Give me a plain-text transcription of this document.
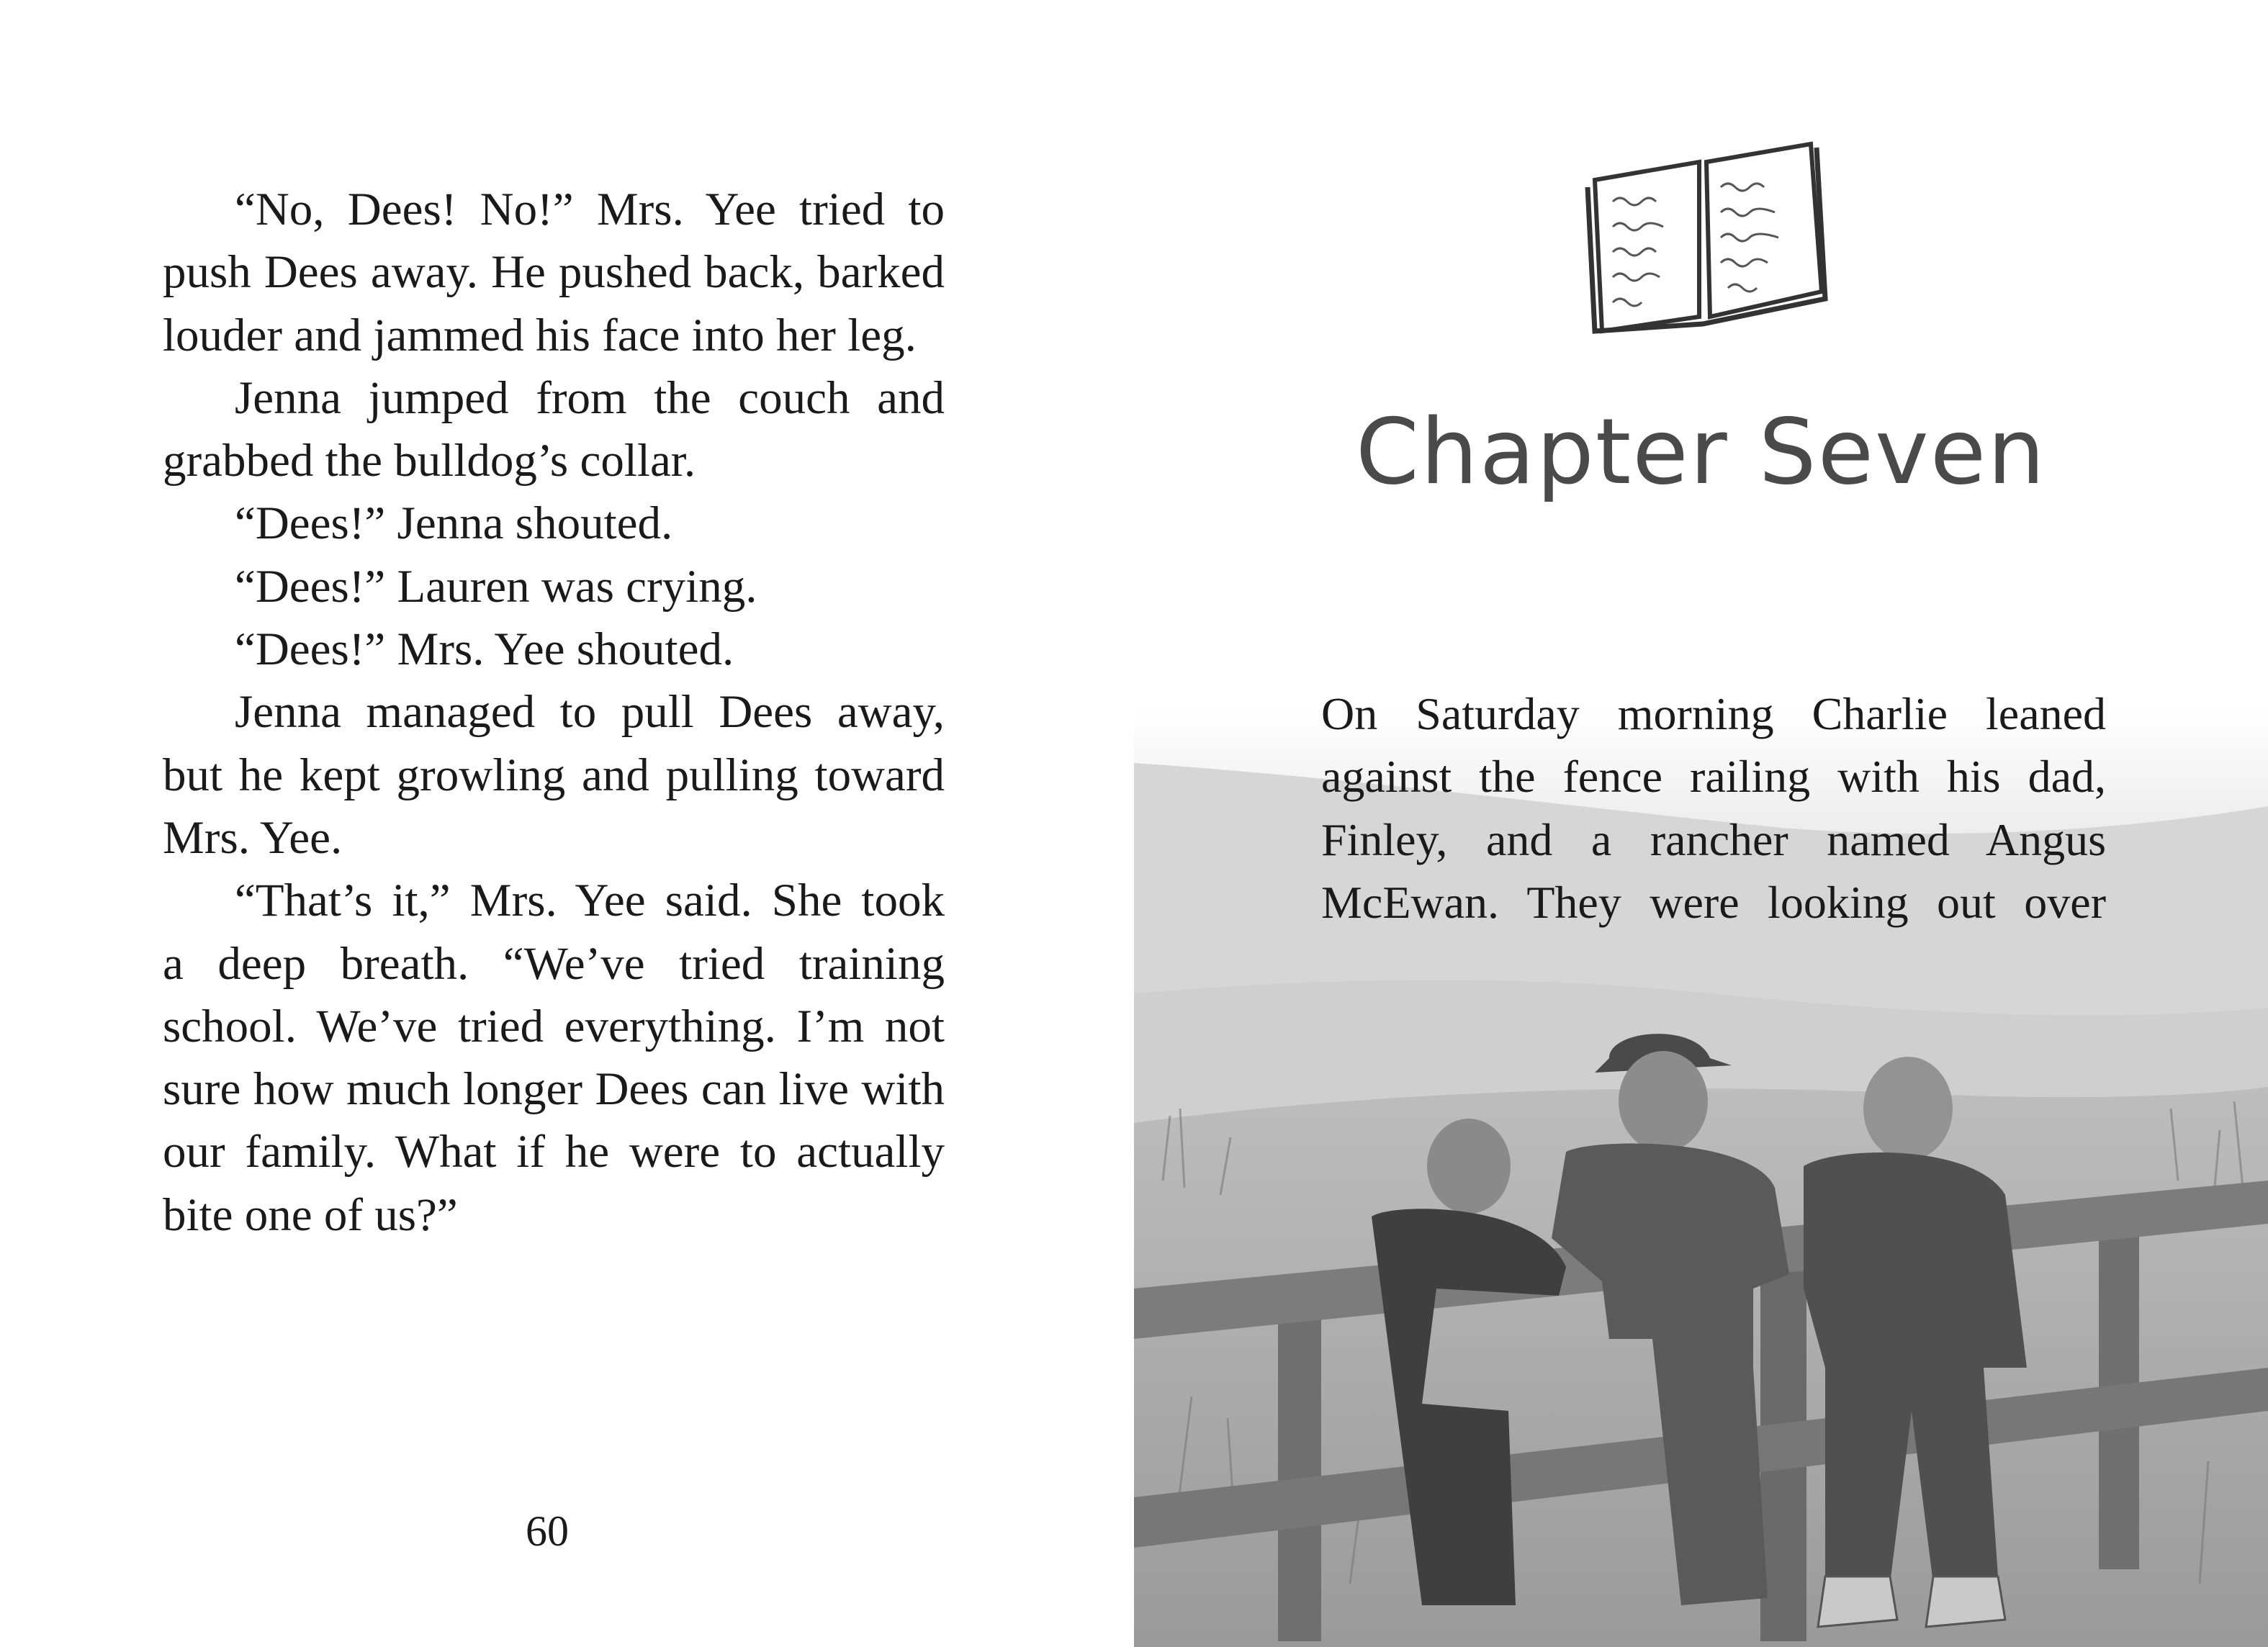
“No, Dees! No!” Mrs. Yee tried to
push Dees away. He pushed back, barked
louder and jammed his face into her leg.
Jenna jumped from the couch and
grabbed the bulldog’s collar.
“Dees!” Jenna shouted.
“Dees!” Lauren was crying.
“Dees!” Mrs. Yee shouted.
Jenna managed to pull Dees away,
but he kept growling and pulling toward
Mrs. Yee.
“That’s it,” Mrs. Yee said. She took
a deep breath. “We’ve tried training
school. We’ve tried everything. I’m not
sure how much longer Dees can live with
our family. What if he were to actually
bite one of us?”
60
Chapter Seven
On Saturday morning Charlie leaned
against the fence railing with his dad,
Finley, and a rancher named Angus
McEwan. They were looking out over
